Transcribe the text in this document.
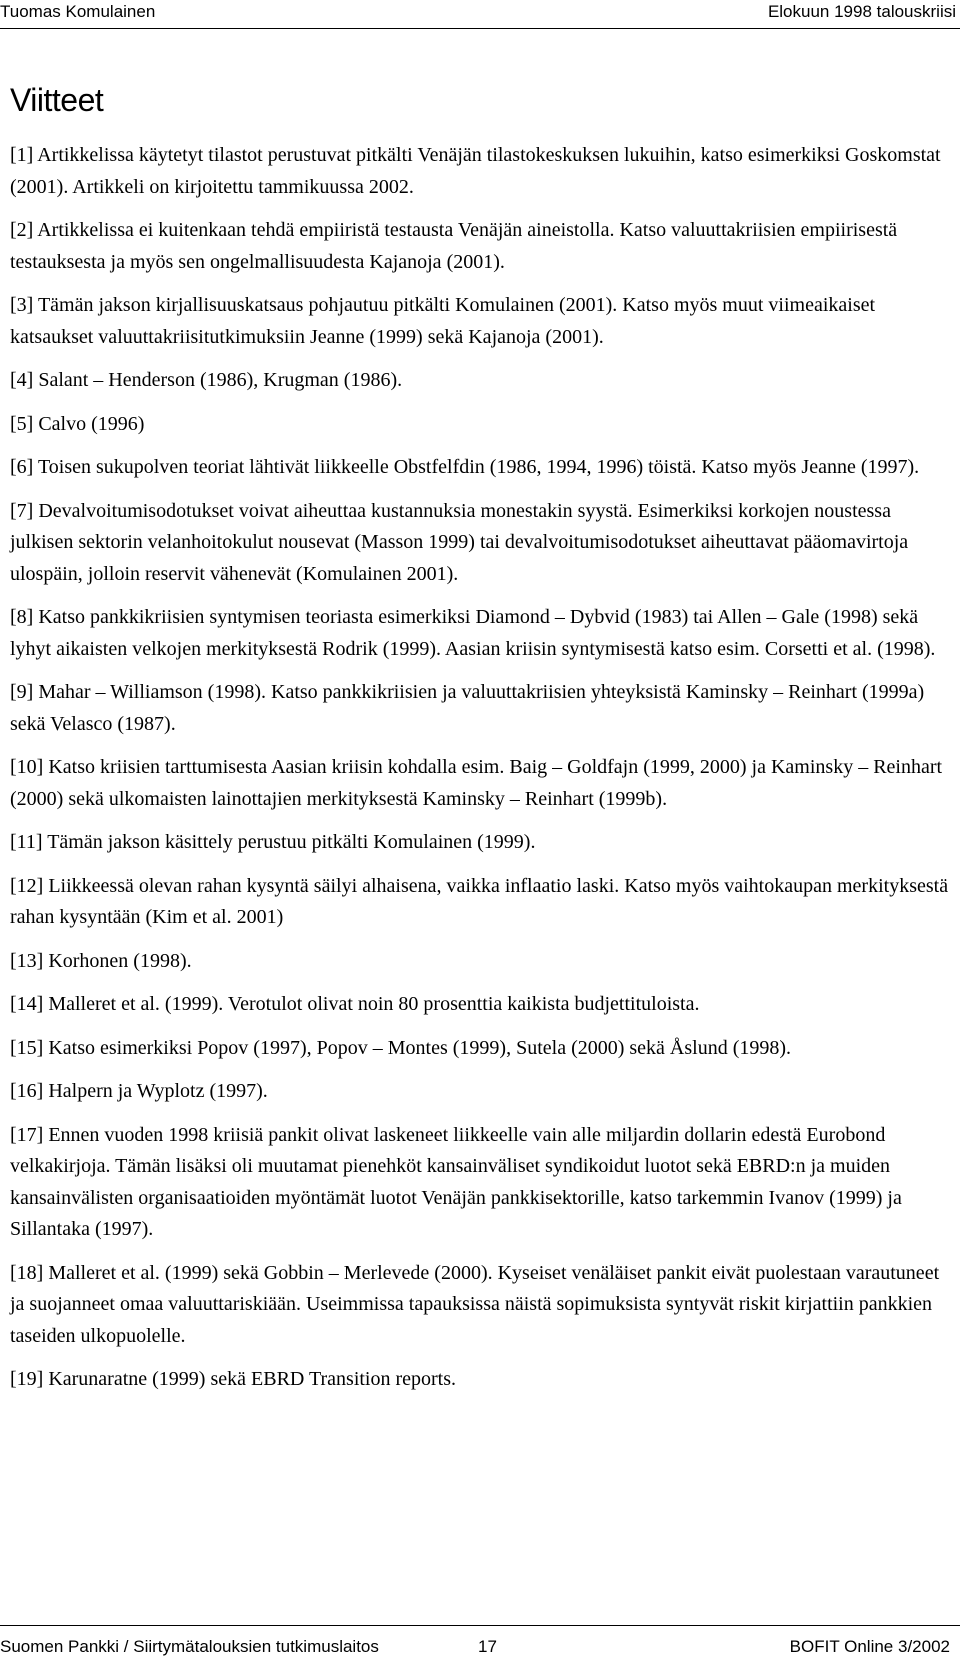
Tuomas Komulainen	Elokuun 1998 talouskriisi
Viitteet

[1] Artikkelissa käytetyt tilastot perustuvat pitkälti Venäjän tilastokeskuksen lukuihin, katso esimerkiksi Goskomstat (2001). Artikkeli on kirjoitettu tammikuussa 2002.

[2] Artikkelissa ei kuitenkaan tehdä empiiristä testausta Venäjän aineistolla. Katso valuuttakriisien empiirisestä testauksesta ja myös sen ongelmallisuudesta Kajanoja (2001).

[3] Tämän jakson kirjallisuuskatsaus pohjautuu pitkälti Komulainen (2001). Katso myös muut viimeaikaiset katsaukset valuuttakriisitutkimuksiin Jeanne (1999) sekä Kajanoja (2001).

[4] Salant – Henderson (1986), Krugman (1986).

[5] Calvo (1996)

[6] Toisen sukupolven teoriat lähtivät liikkeelle Obstfelfdin (1986, 1994, 1996) töistä. Katso myös Jeanne (1997).

[7] Devalvoitumisodotukset voivat aiheuttaa kustannuksia monestakin syystä. Esimerkiksi korkojen noustessa julkisen sektorin velanhoitokulut nousevat (Masson 1999) tai devalvoitumisodotukset aiheuttavat pääomavirtoja ulospäin, jolloin reservit vähenevät (Komulainen 2001).

[8] Katso pankkikriisien syntymisen teoriasta esimerkiksi Diamond – Dybvid (1983) tai Allen – Gale (1998) sekä lyhyt aikaisten velkojen merkityksestä Rodrik (1999). Aasian kriisin syntymisestä katso esim. Corsetti et al. (1998).

[9] Mahar – Williamson (1998). Katso pankkikriisien ja valuuttakriisien yhteyksistä Kaminsky – Reinhart (1999a) sekä Velasco (1987).

[10] Katso kriisien tarttumisesta Aasian kriisin kohdalla esim. Baig – Goldfajn (1999, 2000) ja Kaminsky – Reinhart (2000) sekä ulkomaisten lainottajien merkityksestä Kaminsky – Reinhart (1999b).

[11] Tämän jakson käsittely perustuu pitkälti Komulainen (1999).

[12] Liikkeessä olevan rahan kysyntä säilyi alhaisena, vaikka inflaatio laski. Katso myös vaihtokaupan merkityksestä rahan kysyntään (Kim et al. 2001)

[13] Korhonen (1998).

[14] Malleret et al. (1999). Verotulot olivat noin 80 prosenttia kaikista budjettituloista.

[15] Katso esimerkiksi Popov (1997), Popov – Montes (1999), Sutela (2000) sekä Åslund (1998).

[16] Halpern ja Wyplotz (1997).

[17] Ennen vuoden 1998 kriisiä pankit olivat laskeneet liikkeelle vain alle miljardin dollarin edestä Eurobond velkakirjoja. Tämän lisäksi oli muutamat pienehköt kansainväliset syndikoidut luotot sekä EBRD:n ja muiden kansainvälisten organisaatioiden myöntämät luotot Venäjän pankkisektorille, katso tarkemmin Ivanov (1999) ja Sillantaka (1997).

[18] Malleret et al. (1999) sekä Gobbin – Merlevede (2000). Kyseiset venäläiset pankit eivät puolestaan varautuneet ja suojanneet omaa valuuttariskiään. Useimmissa tapauksissa näistä sopimuksista syntyvät riskit kirjattiin pankkien taseiden ulkopuolelle.

[19] Karunaratne (1999) sekä EBRD Transition reports.

Suomen Pankki / Siirtymätalouksien tutkimuslaitos	17	BOFIT Online 3/2002
